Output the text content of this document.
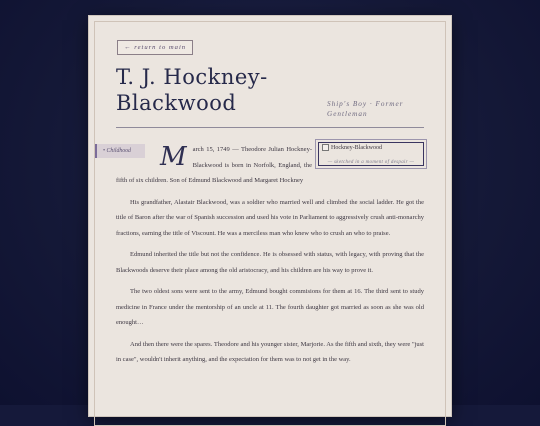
← return to main
T. J. Hockney-
Blackwood	Ship's Boy · Former Gentleman
• Childhood	Hockney-Blackwood
— sketched in a moment of despair —
M arch 15, 1749 — Theodore Julian Hockney-Blackwood is born in Norfolk, England, the fifth of six children. Son of Edmund Blackwood and Margaret Hockney

His grandfather, Alastair Blackwood, was a soldier who married well and climbed the social ladder. He got the title of Baron after the war of Spanish succession and used his vote in Parliament to aggressively crush anti-monarchy fractions, earning the title of Viscount. He was a merciless man who knew who to crush an who to praise.

Edmund inherited the title but not the confidence. He is obsessed with status, with legacy, with proving that the Blackwoods deserve their place among the old aristocracy, and his children are his way to prove it.

The two oldest sons were sent to the army, Edmund bought commisions for them at 16. The third sent to study medicine in France under the mentorship of an uncle at 11. The fourth daughter got married as soon as she was old enought…

And then there were the spares. Theodore and his younger sister, Marjorie. As the fifth and sixth, they were "just in case", wouldn't inherit anything, and the expectation for them was to not get in the way.
